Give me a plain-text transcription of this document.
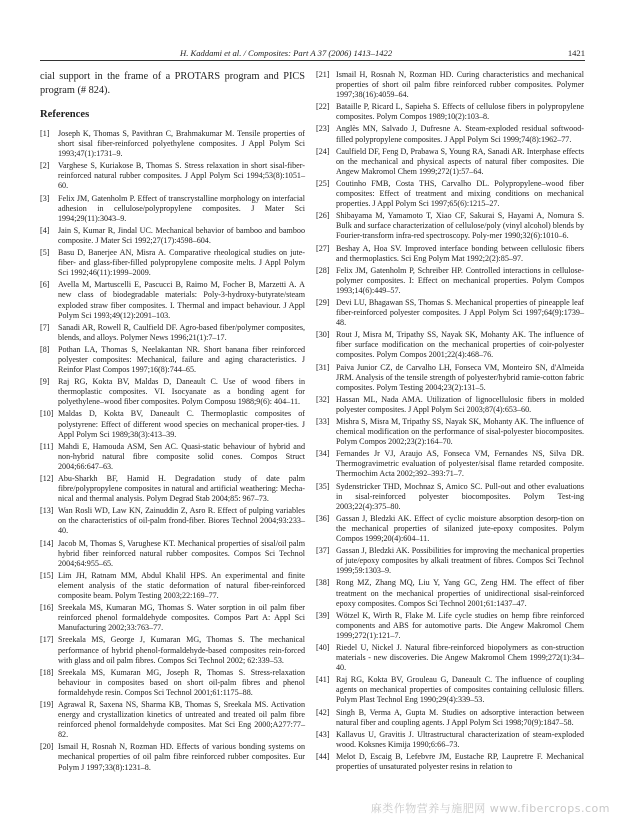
H. Kaddami et al. / Composites: Part A 37 (2006) 1413–1422	1421

cial support in the frame of a PROTARS program and PICS program (# 824).

References
[1]	Joseph K, Thomas S, Pavithran C, Brahmakumar M. Tensile properties of short sisal fiber-reinforced polyethylene composites. J Appl Polym Sci 1993;47(1):1731–9.
[2]	Varghese S, Kuriakose B, Thomas S. Stress relaxation in short sisal-fiber-reinforced natural rubber composites. J Appl Polym Sci 1994;53(8):1051–60.
[3]	Felix JM, Gatenholm P. Effect of transcrystalline morphology on interfacial adhesion in cellulose/polypropylene composites. J Mater Sci 1994;29(11):3043–9.
[4]	Jain S, Kumar R, Jindal UC. Mechanical behavior of bamboo and bamboo composite. J Mater Sci 1992;27(17):4598–604.
[5]	Basu D, Banerjee AN, Misra A. Comparative rheological studies on jute-fiber- and glass-fiber-filled polypropylene composite melts. J Appl Polym Sci 1992;46(11):1999–2009.
[6]	Avella M, Martuscelli E, Pascucci B, Raimo M, Focher B, Marzetti A. A new class of biodegradable materials: Poly-3-hydroxy-butyrate/steam exploded straw fiber composites. I. Thermal and impact behaviour. J Appl Polym Sci 1993;49(12):2091–103.
[7]	Sanadi AR, Rowell R, Caulfield DF. Agro-based fiber/polymer composites, blends, and alloys. Polymer News 1996;21(1):7–17.
[8]	Pothan LA, Thomas S, Neelakantan NR. Short banana fiber reinforced polyester composites: Mechanical, failure and aging characteristics. J Reinfor Plast Compos 1997;16(8):744–65.
[9]	Raj RG, Kokta BV, Maldas D, Daneault C. Use of wood fibers in thermoplastic composites. VI. Isocyanate as a bonding agent for polyethylene–wood fiber composites. Polym Composu 1988;9(6): 404–11.
[10] Maldas D, Kokta BV, Daneault C. Thermoplastic composites of polystyrene: Effect of different wood species on mechanical proper-ties. J Appl Polym Sci 1989;38(3):413–39.
[11] Mahdi E, Hamouda ASM, Sen AC. Quasi-static behaviour of hybrid and non-hybrid natural fibre composite solid cones. Compos Struct 2004;66:647–63.
[12] Abu-Sharkh BF, Hamid H. Degradation study of date palm fibre/polypropylene composites in natural and artificial weathering: Mecha-nical and thermal analysis. Polym Degrad Stab 2004;85: 967–73.
[13] Wan Rosli WD, Law KN, Zainuddin Z, Asro R. Effect of pulping variables on the characteristics of oil-palm frond-fiber. Biores Technol 2004;93:233–40.
[14] Jacob M, Thomas S, Varughese KT. Mechanical properties of sisal/oil palm hybrid fiber reinforced natural rubber composites. Compos Sci Technol 2004;64:955–65.
[15] Lim JH, Ratnam MM, Abdul Khalil HPS. An experimental and finite element analysis of the static deformation of natural fiber-reinforced composite beam. Polym Testing 2003;22:169–77.
[16] Sreekala MS, Kumaran MG, Thomas S. Water sorption in oil palm fiber reinforced phenol formaldehyde composites. Compos Part A: Appl Sci Manufacturing 2002;33:763–77.
[17] Sreekala MS, George J, Kumaran MG, Thomas S. The mechanical performance of hybrid phenol-formaldehyde-based composites rein-forced with glass and oil palm fibres. Compos Sci Technol 2002; 62:339–53.
[18] Sreekala MS, Kumaran MG, Joseph R, Thomas S. Stress-relaxation behaviour in composites based on short oil-palm fibres and phenol formaldehyde resin. Compos Sci Technol 2001;61:1175–88.
[19] Agrawal R, Saxena NS, Sharma KB, Thomas S, Sreekala MS. Activation energy and crystallization kinetics of untreated and treated oil palm fibre reinforced phenol formaldehyde composites. Mat Sci Eng 2000;A277:77–82.
[20] Ismail H, Rosnah N, Rozman HD. Effects of various bonding systems on mechanical properties of oil palm fibre reinforced rubber composites. Eur Polym J 1997;33(8):1231–8.
[21] Ismail H, Rosnah N, Rozman HD. Curing characteristics and mechanical properties of short oil palm fibre reinforced rubber composites. Polymer 1997;38(16):4059–64.
[22] Bataille P, Ricard L, Sapieha S. Effects of cellulose fibers in polypropylene composites. Polym Compos 1989;10(2):103–8.
[23] Anglès MN, Salvado J, Dufresne A. Steam-exploded residual softwood-filled polypropylene composites. J Appl Polym Sci 1999;74(8):1962–77.
[24] Caulfield DF, Feng D, Prabawa S, Young RA, Sanadi AR. Interphase effects on the mechanical and physical aspects of natural fiber composites. Die Angew Makromol Chem 1999;272(1):57–64.
[25] Coutinho FMB, Costa THS, Carvalho DL. Polypropylene–wood fiber composites: Effect of treatment and mixing conditions on mechanical properties. J Appl Polym Sci 1997;65(6):1215–27.
[26] Shibayama M, Yamamoto T, Xiao CF, Sakurai S, Hayami A, Nomura S. Bulk and surface characterization of cellulose/poly (vinyl alcohol) blends by Fourier-transform infra-red spectroscopy. Poly-mer 1990;32(6):1010–6.
[27] Beshay A, Hoa SV. Improved interface bonding between cellulosic fibers and thermoplastics. Sci Eng Polym Mat 1992;2(2):85–97.
[28] Felix JM, Gatenholm P, Schreiber HP. Controlled interactions in cellulose-polymer composites. I: Effect on mechanical properties. Polym Compos 1993;14(6):449–57.
[29] Devi LU, Bhagawan SS, Thomas S. Mechanical properties of pineapple leaf fiber-reinforced polyester composites. J Appl Polym Sci 1997;64(9):1739–48.
[30] Rout J, Misra M, Tripathy SS, Nayak SK, Mohanty AK. The influence of fiber surface modification on the mechanical properties of coir-polyester composites. Polym Compos 2001;22(4):468–76.
[31] Paiva Junior CZ, de Carvalho LH, Fonseca VM, Monteiro SN, d'Almeida JRM. Analysis of the tensile strength of polyester/hybrid ramie-cotton fabric composites. Polym Testing 2004;23(2):131–5.
[32] Hassan ML, Nada AMA. Utilization of lignocellulosic fibers in molded polyester composites. J Appl Polym Sci 2003;87(4):653–60.
[33] Mishra S, Misra M, Tripathy SS, Nayak SK, Mohanty AK. The influence of chemical modification on the performance of sisal-polyester biocomposites. Polym Compos 2002;23(2):164–70.
[34] Fernandes Jr VJ, Araujo AS, Fonseca VM, Fernandes NS, Silva DR. Thermogravimetric evaluation of polyester/sisal flame retarded composite. Thermochim Acta 2002;392–393:71–7.
[35] Sydenstricker THD, Mochnaz S, Amico SC. Pull-out and other evaluations in sisal-reinforced polyester biocomposites. Polym Test-ing 2003;22(4):375–80.
[36] Gassan J, Bledzki AK. Effect of cyclic moisture absorption desorp-tion on the mechanical properties of silanized jute-epoxy composites. Polym Compos 1999;20(4):604–11.
[37] Gassan J, Bledzki AK. Possibilities for improving the mechanical properties of jute/epoxy composites by alkali treatment of fibres. Compos Sci Technol 1999;59:1303–9.
[38] Rong MZ, Zhang MQ, Liu Y, Yang GC, Zeng HM. The effect of fiber treatment on the mechanical properties of unidirectional sisal-reinforced epoxy composites. Compos Sci Technol 2001;61:1437–47.
[39] Wötzel K, Wirth R, Flake M. Life cycle studies on hemp fibre reinforced components and ABS for automotive parts. Die Angew Makromol Chem 1999;272(1):121–7.
[40] Riedel U, Nickel J. Natural fibre-reinforced biopolymers as con-struction materials - new discoveries. Die Angew Makromol Chem 1999;272(1):34–40.
[41] Raj RG, Kokta BV, Grouleau G, Daneault C. The influence of coupling agents on mechanical properties of composites containing cellulosic fillers. Polym Plast Technol Eng 1990;29(4):339–53.
[42] Singh B, Verma A, Gupta M. Studies on adsorptive interaction between natural fiber and coupling agents. J Appl Polym Sci 1998;70(9):1847–58.
[43] Kallavus U, Gravitis J. Ultrastructural characterization of steam-exploded wood. Koksnes Kimija 1990;6:66–73.
[44] Melot D, Escaig B, Lefebvre JM, Eustache RP, Laupretre F. Mechanical properties of unsaturated polyester resins in relation to
麻类作物营养与施肥网 www.fibercrops.com
